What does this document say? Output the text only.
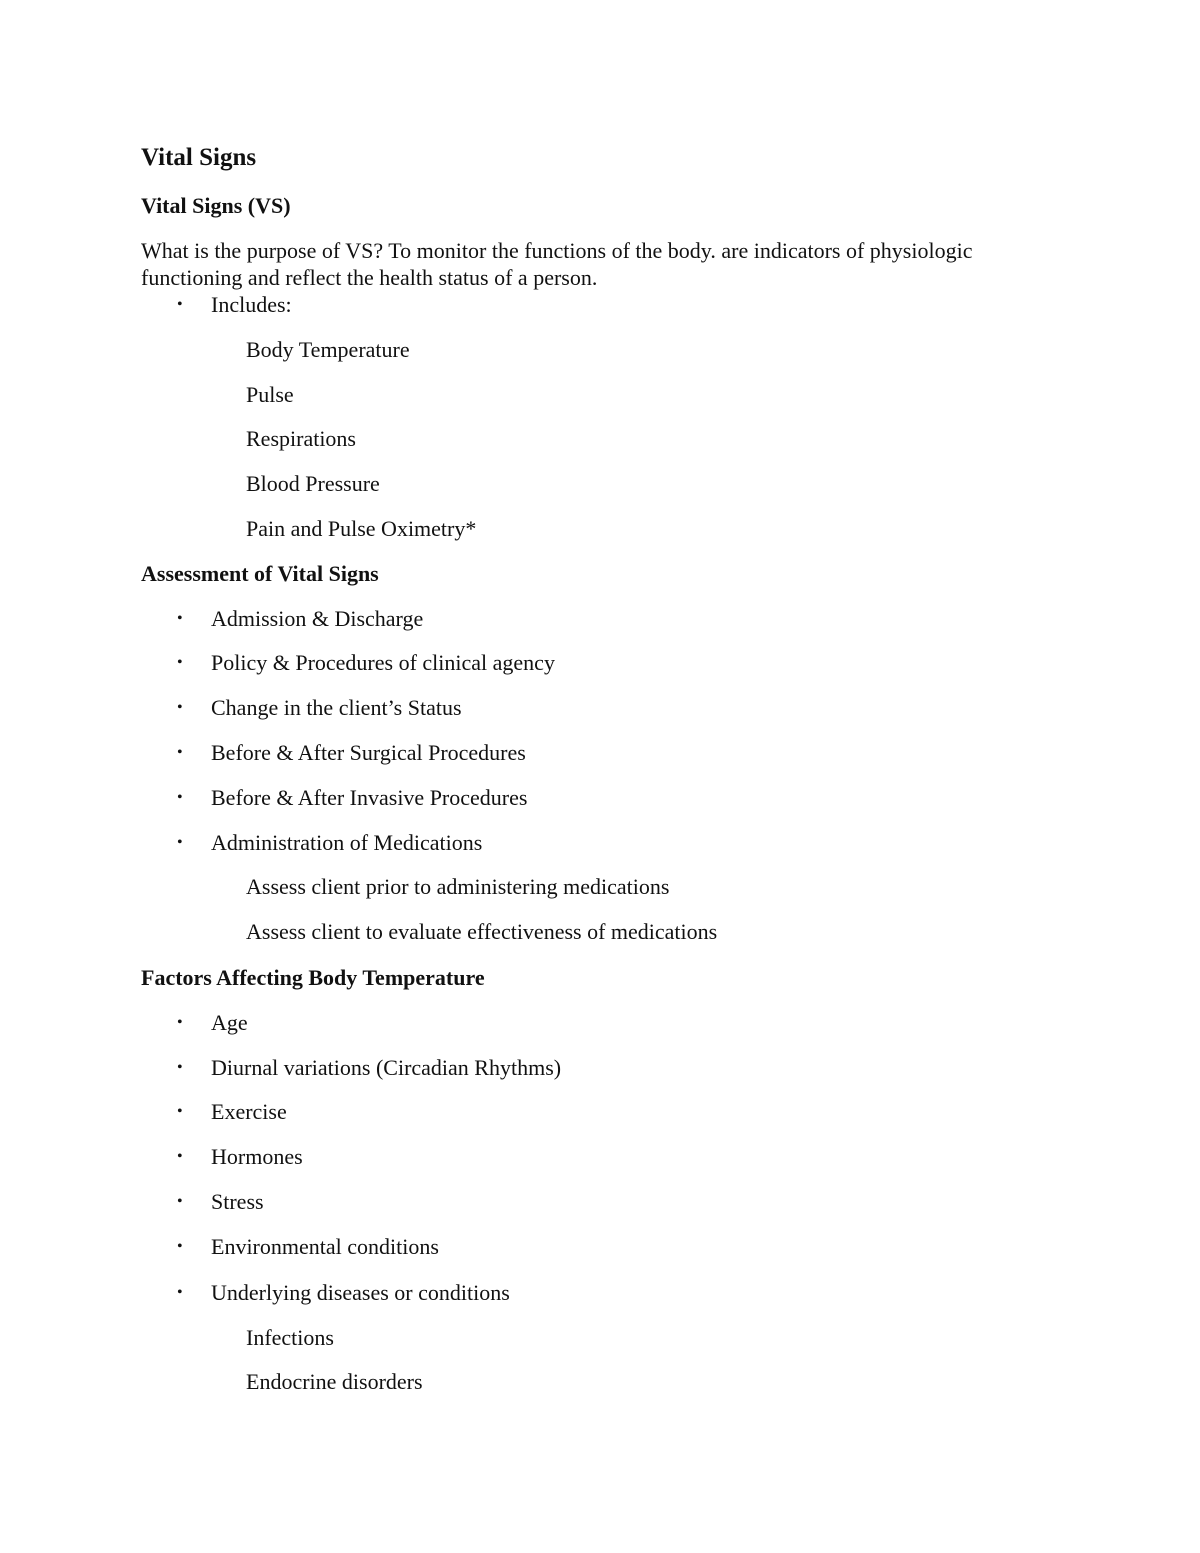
Vital Signs
Vital Signs (VS)
What is the purpose of VS? To monitor the functions of the body. are indicators of physiologic
functioning and reflect the health status of a person.
• Includes:
Body Temperature
Pulse
Respirations
Blood Pressure
Pain and Pulse Oximetry*
Assessment of Vital Signs
• Admission & Discharge
• Policy & Procedures of clinical agency
• Change in the client’s Status
• Before & After Surgical Procedures
• Before & After Invasive Procedures
• Administration of Medications
Assess client prior to administering medications
Assess client to evaluate effectiveness of medications
Factors Affecting Body Temperature
• Age
• Diurnal variations (Circadian Rhythms)
• Exercise
• Hormones
• Stress
• Environmental conditions
• Underlying diseases or conditions
Infections
Endocrine disorders
